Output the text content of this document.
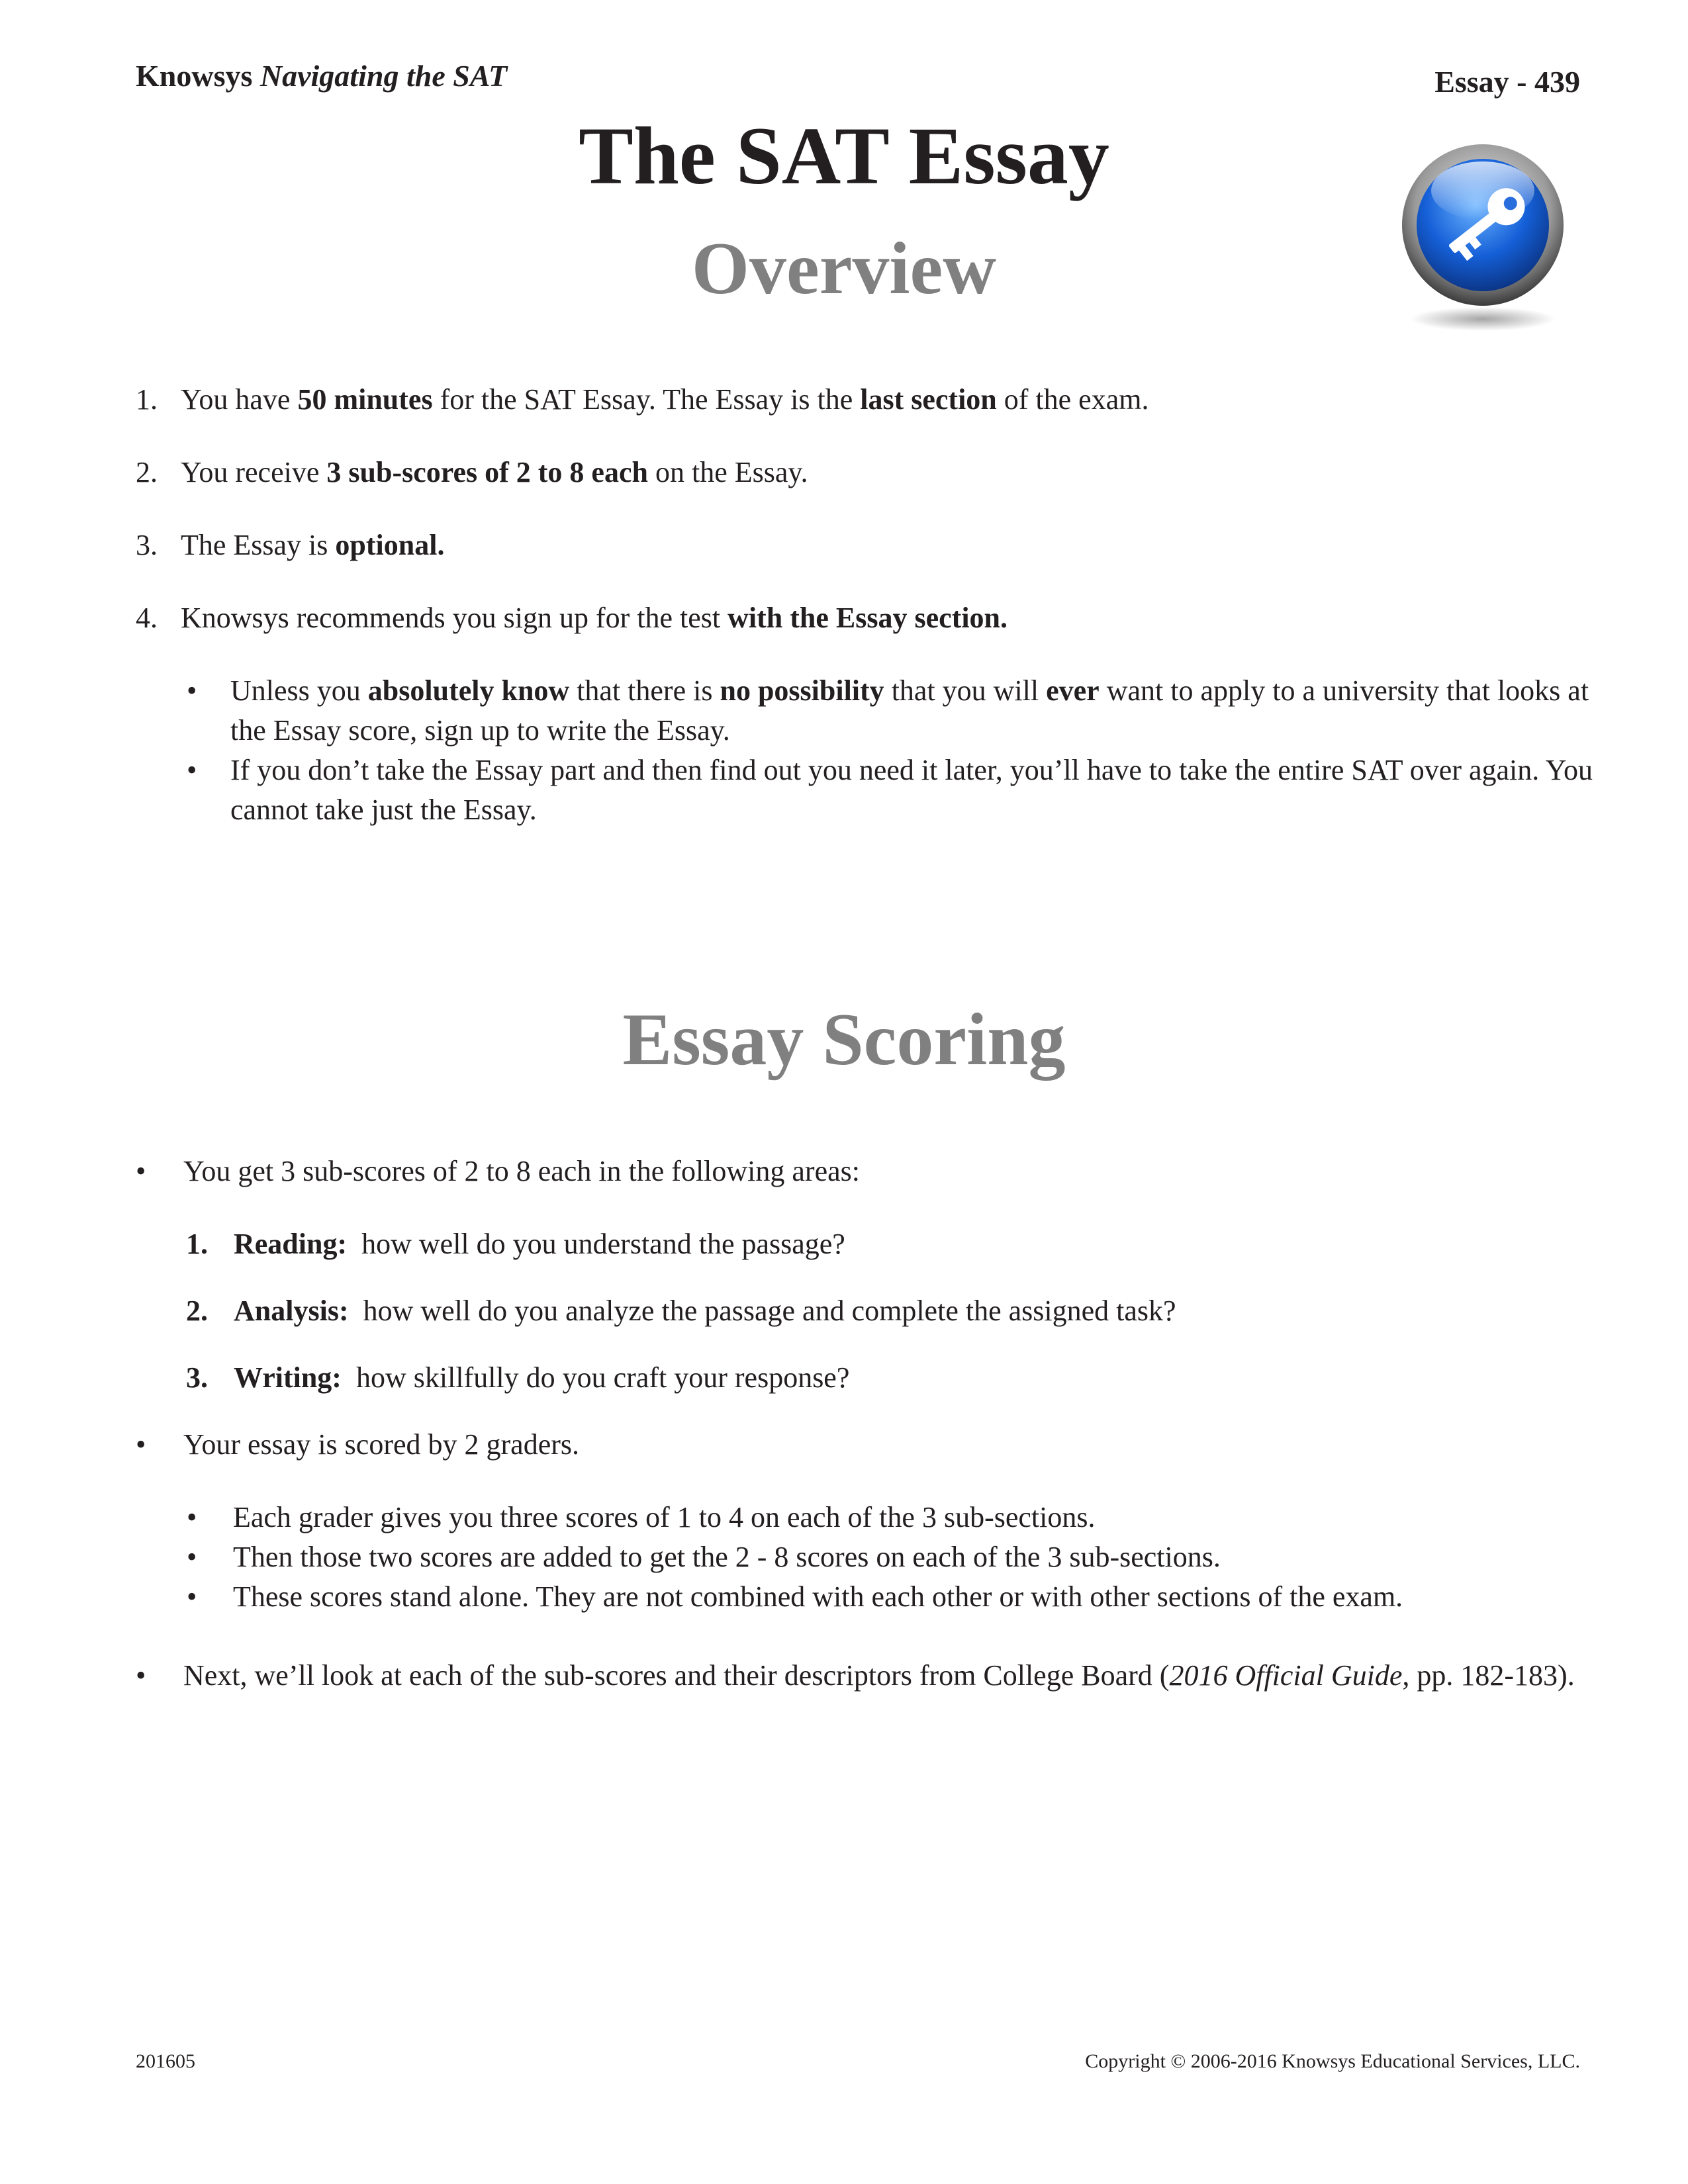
Knowsys Navigating the SAT	Essay - 439
The SAT Essay
Overview
1. You have 50 minutes for the SAT Essay. The Essay is the last section of the exam.
2. You receive 3 sub-scores of 2 to 8 each on the Essay.
3. The Essay is optional.
4. Knowsys recommends you sign up for the test with the Essay section.
• Unless you absolutely know that there is no possibility that you will ever want to apply to a university that looks at the Essay score, sign up to write the Essay.
• If you don’t take the Essay part and then find out you need it later, you’ll have to take the entire SAT over again. You cannot take just the Essay.
Essay Scoring
• You get 3 sub-scores of 2 to 8 each in the following areas:
1. Reading: how well do you understand the passage?
2. Analysis: how well do you analyze the passage and complete the assigned task?
3. Writing: how skillfully do you craft your response?
• Your essay is scored by 2 graders.
• Each grader gives you three scores of 1 to 4 on each of the 3 sub-sections.
• Then those two scores are added to get the 2 - 8 scores on each of the 3 sub-sections.
• These scores stand alone. They are not combined with each other or with other sections of the exam.
• Next, we’ll look at each of the sub-scores and their descriptors from College Board (2016 Official Guide, pp. 182-183).
201605	Copyright © 2006-2016 Knowsys Educational Services, LLC.
